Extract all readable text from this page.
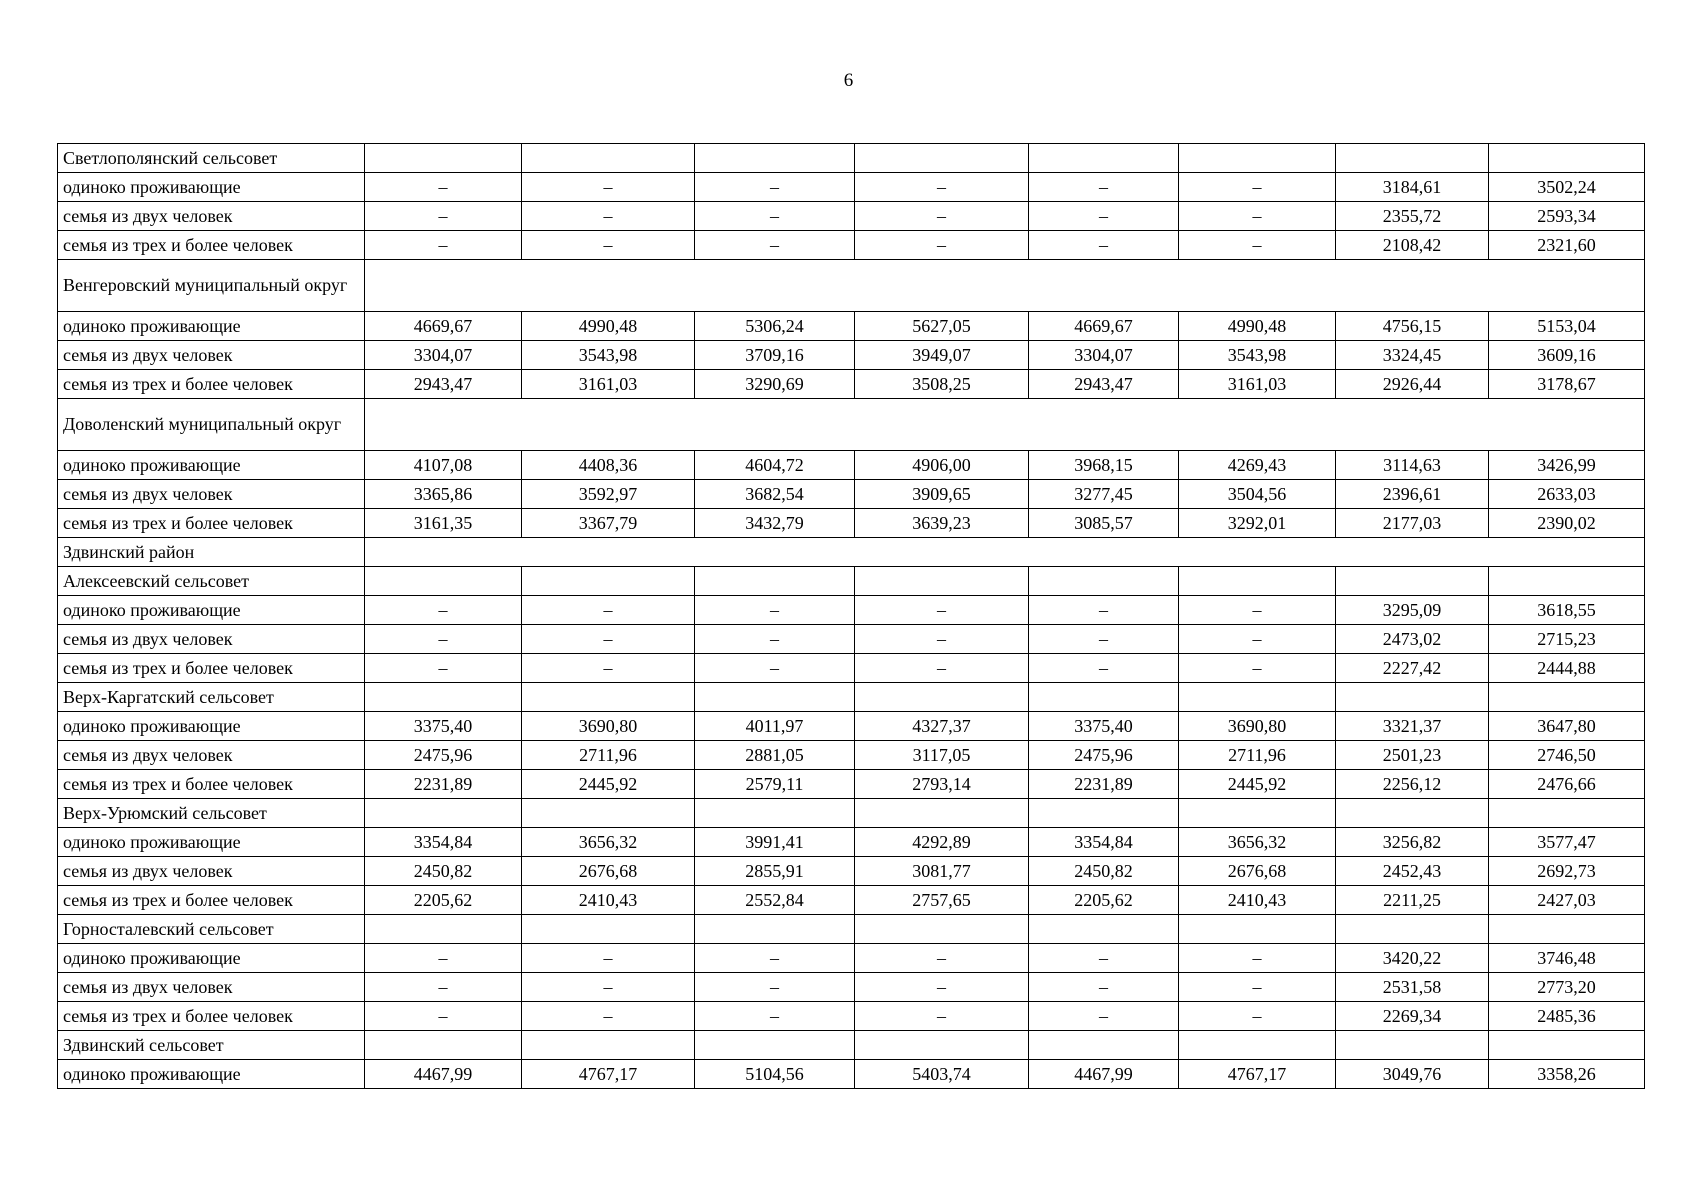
6
Светлополянский сельсовет								
одиноко проживающие	–	–	–	–	–	–	3184,61	3502,24
семья из двух человек	–	–	–	–	–	–	2355,72	2593,34
семья из трех и более человек	–	–	–	–	–	–	2108,42	2321,60
Венгеровский муниципальный округ								
одиноко проживающие	4669,67	4990,48	5306,24	5627,05	4669,67	4990,48	4756,15	5153,04
семья из двух человек	3304,07	3543,98	3709,16	3949,07	3304,07	3543,98	3324,45	3609,16
семья из трех и более человек	2943,47	3161,03	3290,69	3508,25	2943,47	3161,03	2926,44	3178,67
Доволенский муниципальный округ								
одиноко проживающие	4107,08	4408,36	4604,72	4906,00	3968,15	4269,43	3114,63	3426,99
семья из двух человек	3365,86	3592,97	3682,54	3909,65	3277,45	3504,56	2396,61	2633,03
семья из трех и более человек	3161,35	3367,79	3432,79	3639,23	3085,57	3292,01	2177,03	2390,02
Здвинский район								
Алексеевский сельсовет								
одиноко проживающие	–	–	–	–	–	–	3295,09	3618,55
семья из двух человек	–	–	–	–	–	–	2473,02	2715,23
семья из трех и более человек	–	–	–	–	–	–	2227,42	2444,88
Верх-Каргатский сельсовет								
одиноко проживающие	3375,40	3690,80	4011,97	4327,37	3375,40	3690,80	3321,37	3647,80
семья из двух человек	2475,96	2711,96	2881,05	3117,05	2475,96	2711,96	2501,23	2746,50
семья из трех и более человек	2231,89	2445,92	2579,11	2793,14	2231,89	2445,92	2256,12	2476,66
Верх-Урюмский сельсовет								
одиноко проживающие	3354,84	3656,32	3991,41	4292,89	3354,84	3656,32	3256,82	3577,47
семья из двух человек	2450,82	2676,68	2855,91	3081,77	2450,82	2676,68	2452,43	2692,73
семья из трех и более человек	2205,62	2410,43	2552,84	2757,65	2205,62	2410,43	2211,25	2427,03
Горносталевский сельсовет								
одиноко проживающие	–	–	–	–	–	–	3420,22	3746,48
семья из двух человек	–	–	–	–	–	–	2531,58	2773,20
семья из трех и более человек	–	–	–	–	–	–	2269,34	2485,36
Здвинский сельсовет								
одиноко проживающие	4467,99	4767,17	5104,56	5403,74	4467,99	4767,17	3049,76	3358,26
